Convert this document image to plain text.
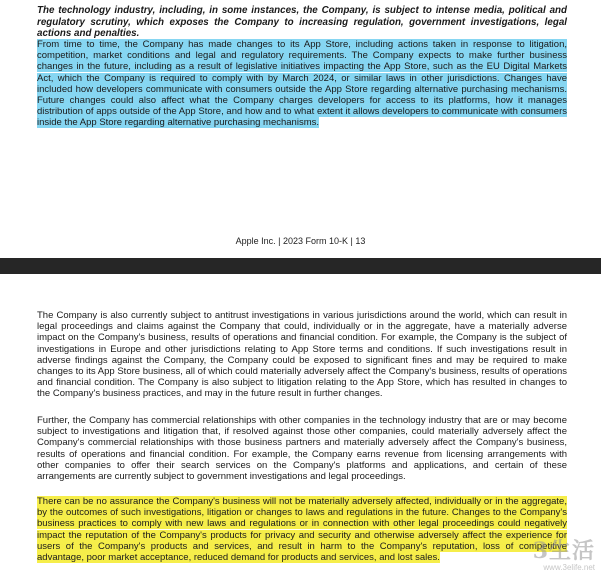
The technology industry, including, in some instances, the Company, is subject to intense media, political and regulatory scrutiny, which exposes the Company to increasing regulation, government investigations, legal actions and penalties.

From time to time, the Company has made changes to its App Store, including actions taken in response to litigation, competition, market conditions and legal and regulatory requirements. The Company expects to make further business changes in the future, including as a result of legislative initiatives impacting the App Store, such as the EU Digital Markets Act, which the Company is required to comply with by March 2024, or similar laws in other jurisdictions. Changes have included how developers communicate with consumers outside the App Store regarding alternative purchasing mechanisms. Future changes could also affect what the Company charges developers for access to its platforms, how it manages distribution of apps outside of the App Store, and how and to what extent it allows developers to communicate with consumers inside the App Store regarding alternative purchasing mechanisms.

Apple Inc. | 2023 Form 10-K | 13

The Company is also currently subject to antitrust investigations in various jurisdictions around the world, which can result in legal proceedings and claims against the Company that could, individually or in the aggregate, have a materially adverse impact on the Company's business, results of operations and financial condition. For example, the Company is the subject of investigations in Europe and other jurisdictions relating to App Store terms and conditions. If such investigations result in adverse findings against the Company, the Company could be exposed to significant fines and may be required to make changes to its App Store business, all of which could materially adversely affect the Company's business, results of operations and financial condition. The Company is also subject to litigation relating to the App Store, which has resulted in changes to the Company's business practices, and may in the future result in further changes.

Further, the Company has commercial relationships with other companies in the technology industry that are or may become subject to investigations and litigation that, if resolved against those other companies, could materially adversely affect the Company's commercial relationships with those business partners and materially adversely affect the Company's business, results of operations and financial condition. For example, the Company earns revenue from licensing arrangements with other companies to offer their search services on the Company's platforms and applications, and certain of these arrangements are currently subject to government investigations and legal proceedings.

There can be no assurance the Company's business will not be materially adversely affected, individually or in the aggregate, by the outcomes of such investigations, litigation or changes to laws and regulations in the future. Changes to the Company's business practices to comply with new laws and regulations or in connection with other legal proceedings could negatively impact the reputation of the Company's products for privacy and security and otherwise adversely affect the experience for users of the Company's products and services, and result in harm to the Company's reputation, loss of competitive advantage, poor market acceptance, reduced demand for products and services, and lost sales.	3生活
www.3elife.net
